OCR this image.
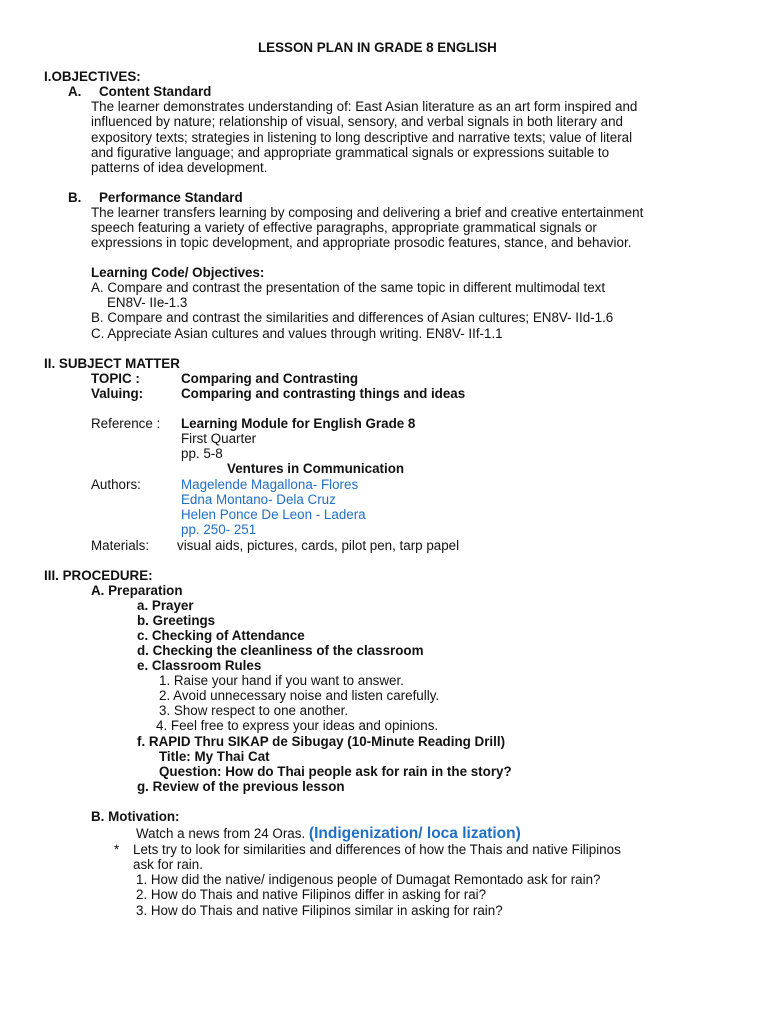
LESSON PLAN IN GRADE 8 ENGLISH
I.OBJECTIVES:
A. Content Standard
The learner demonstrates understanding of: East Asian literature as an art form inspired and
influenced by nature; relationship of visual, sensory, and verbal signals in both literary and
expository texts; strategies in listening to long descriptive and narrative texts; value of literal
and figurative language; and appropriate grammatical signals or expressions suitable to
patterns of idea development.
B. Performance Standard
The learner transfers learning by composing and delivering a brief and creative entertainment
speech featuring a variety of effective paragraphs, appropriate grammatical signals or
expressions in topic development, and appropriate prosodic features, stance, and behavior.
Learning Code/ Objectives:
A. Compare and contrast the presentation of the same topic in different multimodal text
EN8V- IIe-1.3
B. Compare and contrast the similarities and differences of Asian cultures; EN8V- IId-1.6
C. Appreciate Asian cultures and values through writing. EN8V- IIf-1.1
II. SUBJECT MATTER
TOPIC :	Comparing and Contrasting
Valuing:	Comparing and contrasting things and ideas
Reference : Learning Module for English Grade 8
First Quarter
pp. 5-8
Ventures in Communication
Authors:	Magelende Magallona- Flores
Edna Montano- Dela Cruz
Helen Ponce De Leon - Ladera
pp. 250- 251
Materials: visual aids, pictures, cards, pilot pen, tarp papel
III. PROCEDURE:
A. Preparation
a. Prayer
b. Greetings
c. Checking of Attendance
d. Checking the cleanliness of the classroom
e. Classroom Rules
1. Raise your hand if you want to answer.
2. Avoid unnecessary noise and listen carefully.
3. Show respect to one another.
4. Feel free to express your ideas and opinions.
f. RAPID Thru SIKAP de Sibugay (10-Minute Reading Drill)
Title: My Thai Cat
Question: How do Thai people ask for rain in the story?
g. Review of the previous lesson
B. Motivation:
Watch a news from 24 Oras. (Indigenization/ loca lization)
* Lets try to look for similarities and differences of how the Thais and native Filipinos
ask for rain.
1. How did the native/ indigenous people of Dumagat Remontado ask for rain?
2. How do Thais and native Filipinos differ in asking for rai?
3. How do Thais and native Filipinos similar in asking for rain?
